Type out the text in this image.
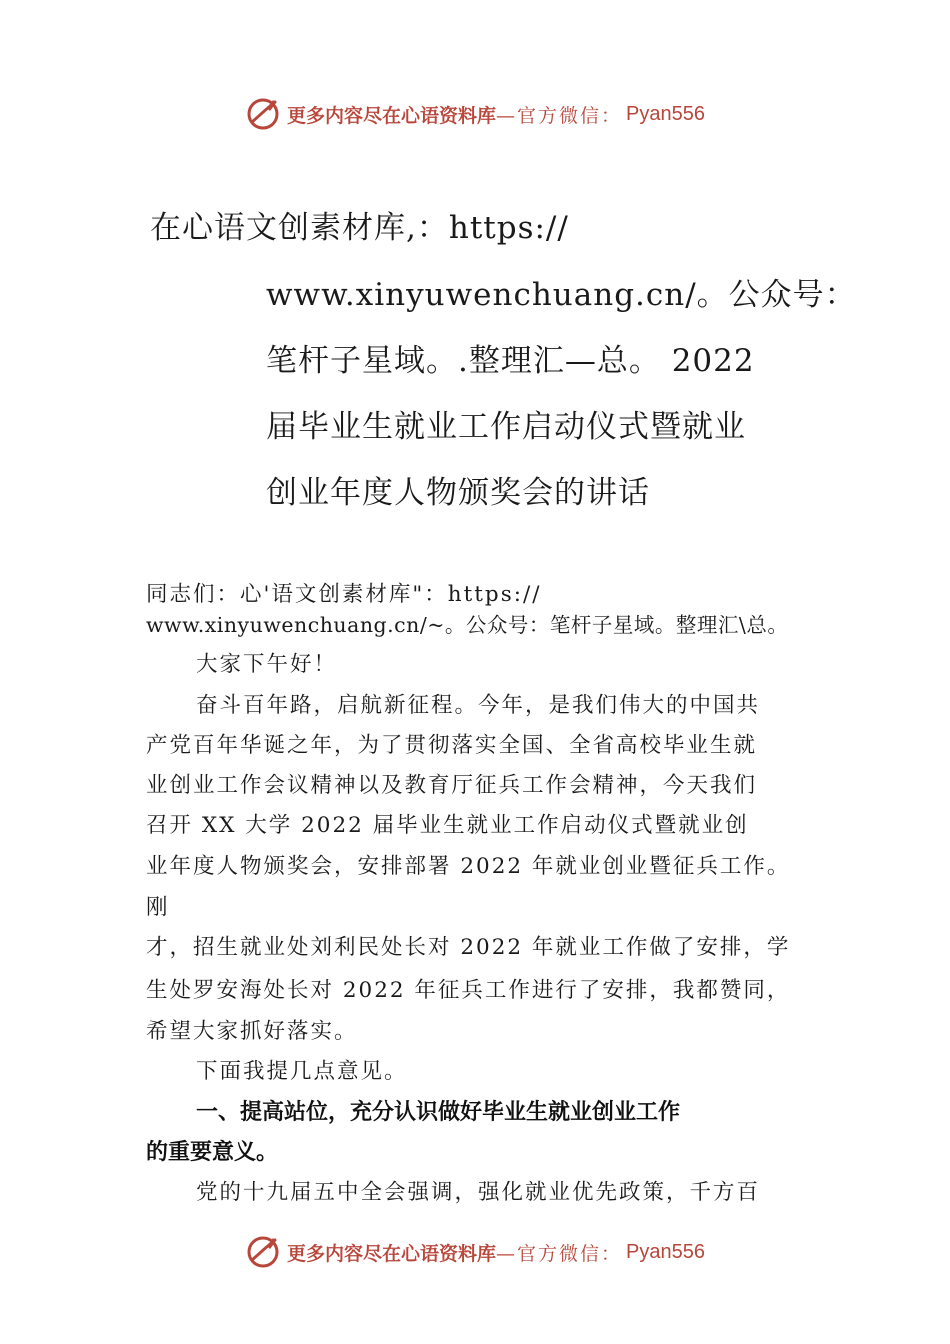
更多内容尽在心语资料库 —官方微信： Pyan556
在心语文创素材库,：https://
www.xinyuwenchuang.cn/。公众号：
笔杆子星域。.整理汇—总。 2022
届毕业生就业工作启动仪式暨就业
创业年度人物颁奖会的讲话
同志们：心'语文创素材库"：https://
www.xinyuwenchuang.cn/~。公众号：笔杆子星域。整理汇\总。
大家下午好！
奋斗百年路，启航新征程。今年，是我们伟大的中国共
产党百年华诞之年，为了贯彻落实全国、全省高校毕业生就
业创业工作会议精神以及教育厅征兵工作会精神，今天我们
召开 XX 大学 2022 届毕业生就业工作启动仪式暨就业创
业年度人物颁奖会，安排部署 2022 年就业创业暨征兵工作。
刚
才，招生就业处刘利民处长对 2022 年就业工作做了安排，学
生处罗安海处长对 2022 年征兵工作进行了安排，我都赞同，
希望大家抓好落实。
下面我提几点意见。
一、提高站位，充分认识做好毕业生就业创业工作
的重要意义。
党的十九届五中全会强调，强化就业优先政策，千方百
更多内容尽在心语资料库 —官方微信： Pyan556
